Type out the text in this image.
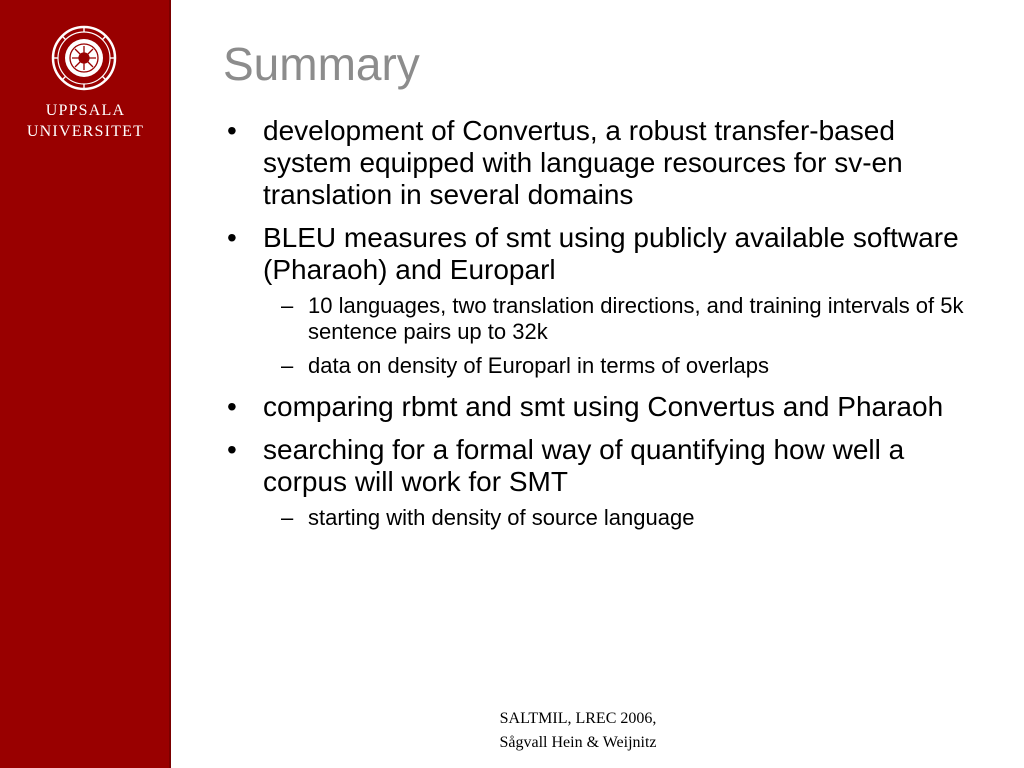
UPPSALA
UNIVERSITET
Summary
• development of Convertus, a robust transfer-based system equipped with language resources for sv-en translation in several domains
• BLEU measures of smt using publicly available software (Pharaoh) and Europarl
– 10 languages, two translation directions, and training intervals of 5k sentence pairs up to 32k
– data on density of Europarl in terms of overlaps
• comparing rbmt and smt using Convertus and Pharaoh
• searching for a formal way of quantifying how well a corpus will work for SMT
– starting with density of source language
SALTMIL, LREC 2006,
Sågvall Hein & Weijnitz
